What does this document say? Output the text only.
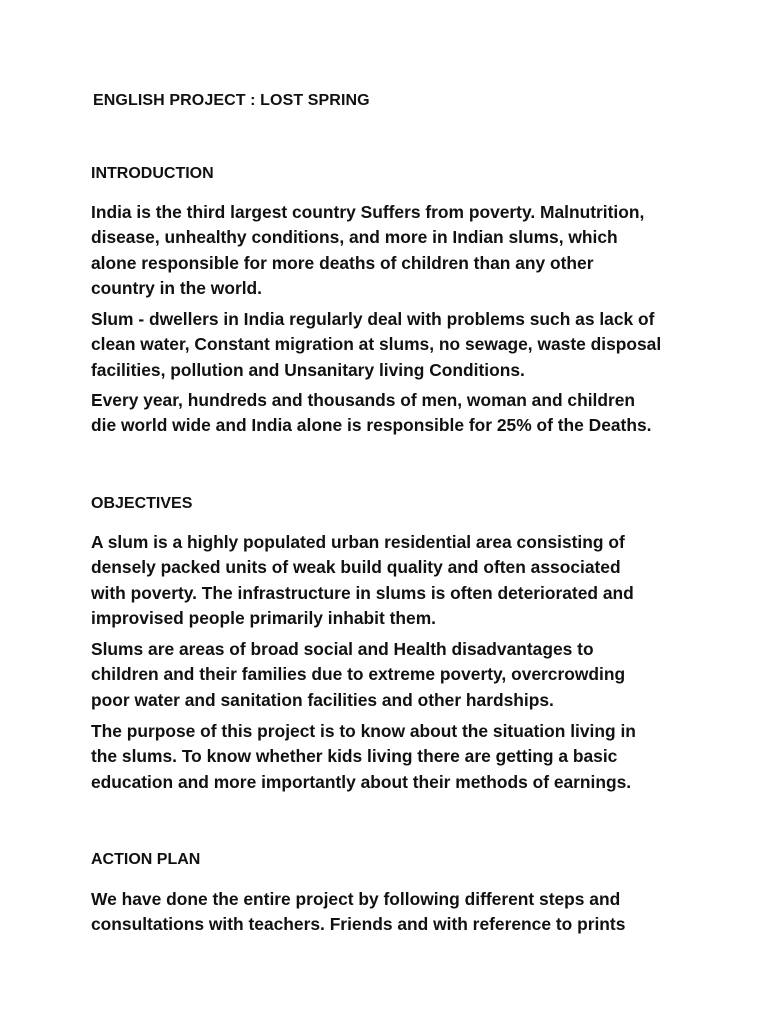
ENGLISH PROJECT : LOST SPRING
INTRODUCTION
India is the third largest country Suffers from poverty. Malnutrition,
disease, unhealthy conditions, and more in Indian slums, which
alone responsible for more deaths of children than any other
country in the world.
Slum - dwellers in India regularly deal with problems such as lack of
clean water, Constant migration at slums, no sewage, waste disposal
facilities, pollution and Unsanitary living Conditions.
Every year, hundreds and thousands of men, woman and children
die world wide and India alone is responsible for 25% of the Deaths.
OBJECTIVES
A slum is a highly populated urban residential area consisting of
densely packed units of weak build quality and often associated
with poverty. The infrastructure in slums is often deteriorated and
improvised people primarily inhabit them.
Slums are areas of broad social and Health disadvantages to
children and their families due to extreme poverty, overcrowding
poor water and sanitation facilities and other hardships.
The purpose of this project is to know about the situation living in
the slums. To know whether kids living there are getting a basic
education and more importantly about their methods of earnings.
ACTION PLAN
We have done the entire project by following different steps and
consultations with teachers. Friends and with reference to prints
